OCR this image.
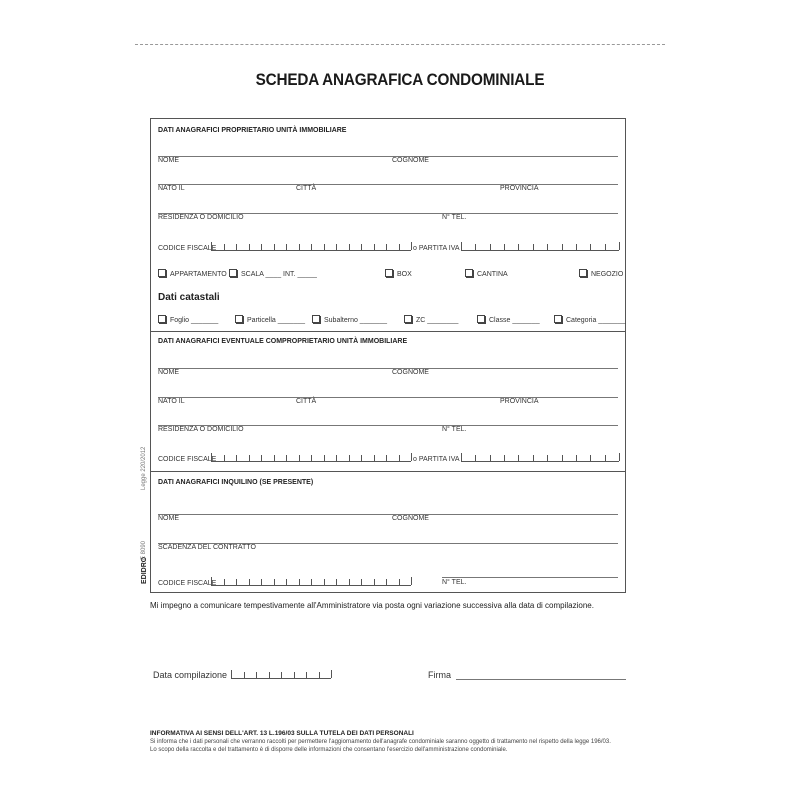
SCHEDA ANAGRAFICA CONDOMINIALE
Legge 220/2012
EDIDRO
E 8090
DATI ANAGRAFICI PROPRIETARIO UNITÀ IMMOBILIARE
NOME	COGNOME
NATO IL	CITTÀ	PROVINCIA
RESIDENZA O DOMICILIO	N° TEL.
CODICE FISCALE	o PARTITA IVA
APPARTAMENTO	SCALA ____ INT. _____	BOX	CANTINA	NEGOZIO
Dati catastali
Foglio _______	Particella _______	Subalterno _______	ZC ________	Classe _______	Categoria _______
DATI ANAGRAFICI EVENTUALE COMPROPRIETARIO UNITÀ IMMOBILIARE
NOME	COGNOME
NATO IL	CITTÀ	PROVINCIA
RESIDENZA O DOMICILIO	N° TEL.
CODICE FISCALE	o PARTITA IVA
DATI ANAGRAFICI INQUILINO (SE PRESENTE)
NOME	COGNOME
SCADENZA DEL CONTRATTO
CODICE FISCALE	N° TEL.
Mi impegno a comunicare tempestivamente all'Amministratore via posta ogni variazione successiva alla data di compilazione.
Data compilazione	Firma
INFORMATIVA AI SENSI DELL'ART. 13 L.196/03 SULLA TUTELA DEI DATI PERSONALI
Si informa che i dati personali che verranno raccolti per permettere l'aggiornamento dell'anagrafe condominiale saranno oggetto di trattamento nel rispetto della legge 196/03.
Lo scopo della raccolta e del trattamento è di disporre delle informazioni che consentano l'esercizio dell'amministrazione condominiale.
